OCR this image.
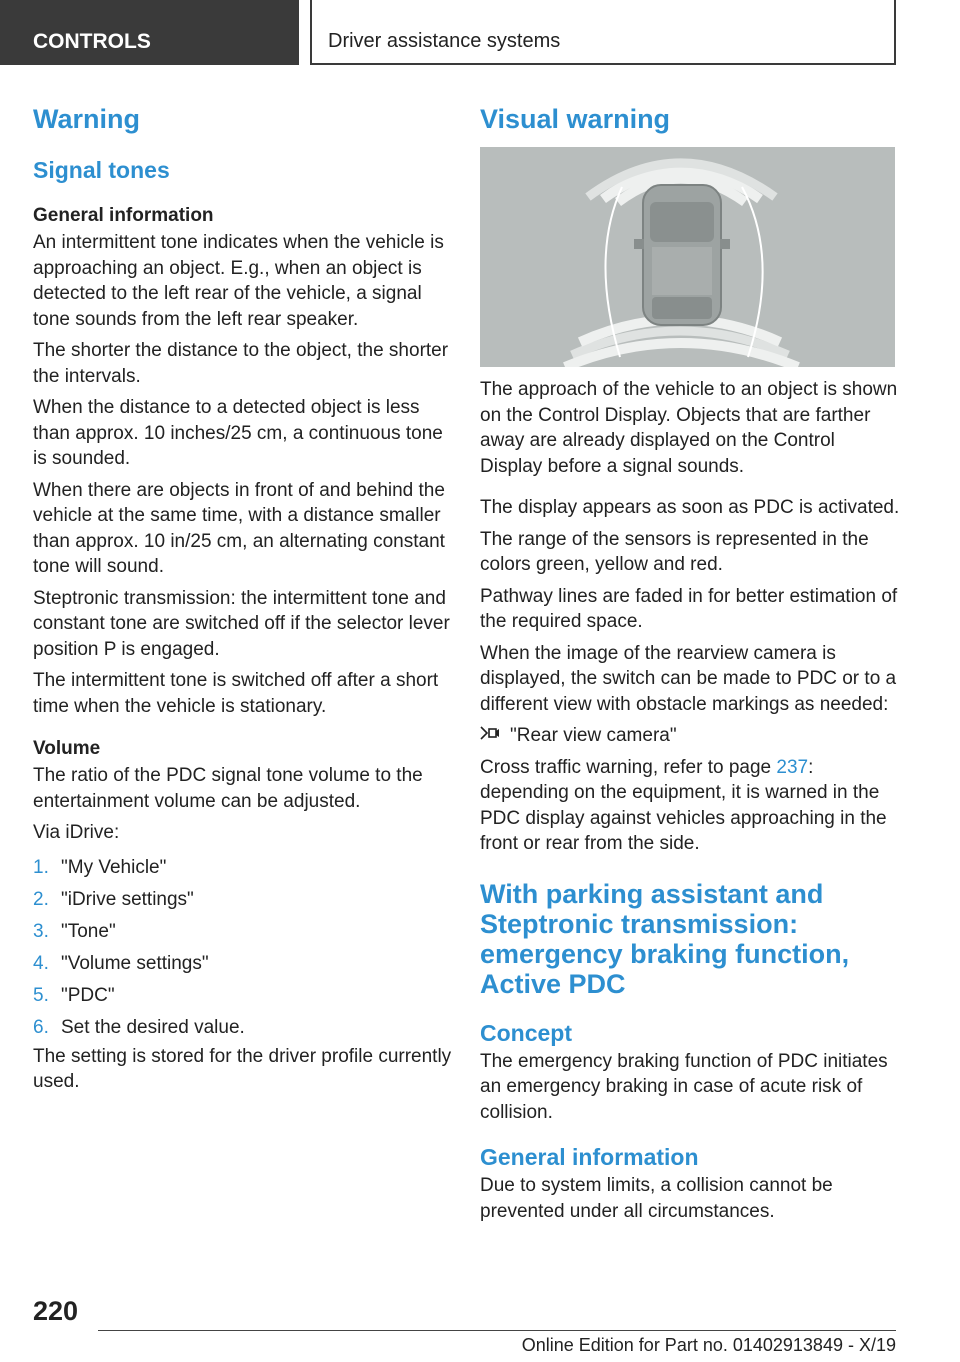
CONTROLS	Driver assistance systems
Warning
Signal tones
General information

An intermittent tone indicates when the vehicle is approaching an object. E.g., when an object is detected to the left rear of the vehicle, a signal tone sounds from the left rear speaker.

The shorter the distance to the object, the shorter the intervals.

When the distance to a detected object is less than approx. 10 inches/25 cm, a continuous tone is sounded.

When there are objects in front of and behind the vehicle at the same time, with a distance smaller than approx. 10 in/25 cm, an alternating constant tone will sound.

Steptronic transmission: the intermittent tone and constant tone are switched off if the selector lever position P is engaged.

The intermittent tone is switched off after a short time when the vehicle is stationary.

Volume

The ratio of the PDC signal tone volume to the entertainment volume can be adjusted.

Via iDrive:

1. "My Vehicle"
2. "iDrive settings"
3. "Tone"
4. "Volume settings"
5. "PDC"
6. Set the desired value.

The setting is stored for the driver profile currently used.

Visual warning

The approach of the vehicle to an object is shown on the Control Display. Objects that are farther away are already displayed on the Control Display before a signal sounds.

The display appears as soon as PDC is activated.

The range of the sensors is represented in the colors green, yellow and red.

Pathway lines are faded in for better estimation of the required space.

When the image of the rearview camera is displayed, the switch can be made to PDC or to a different view with obstacle markings as needed:

"Rear view camera"

Cross traffic warning, refer to page 237: depending on the equipment, it is warned in the PDC display against vehicles approaching in the front or rear from the side.

With parking assistant and Steptronic transmission: emergency braking function, Active PDC
Concept

The emergency braking function of PDC initiates an emergency braking in case of acute risk of collision.

General information

Due to system limits, a collision cannot be prevented under all circumstances.

220
Online Edition for Part no. 01402913849 - X/19
